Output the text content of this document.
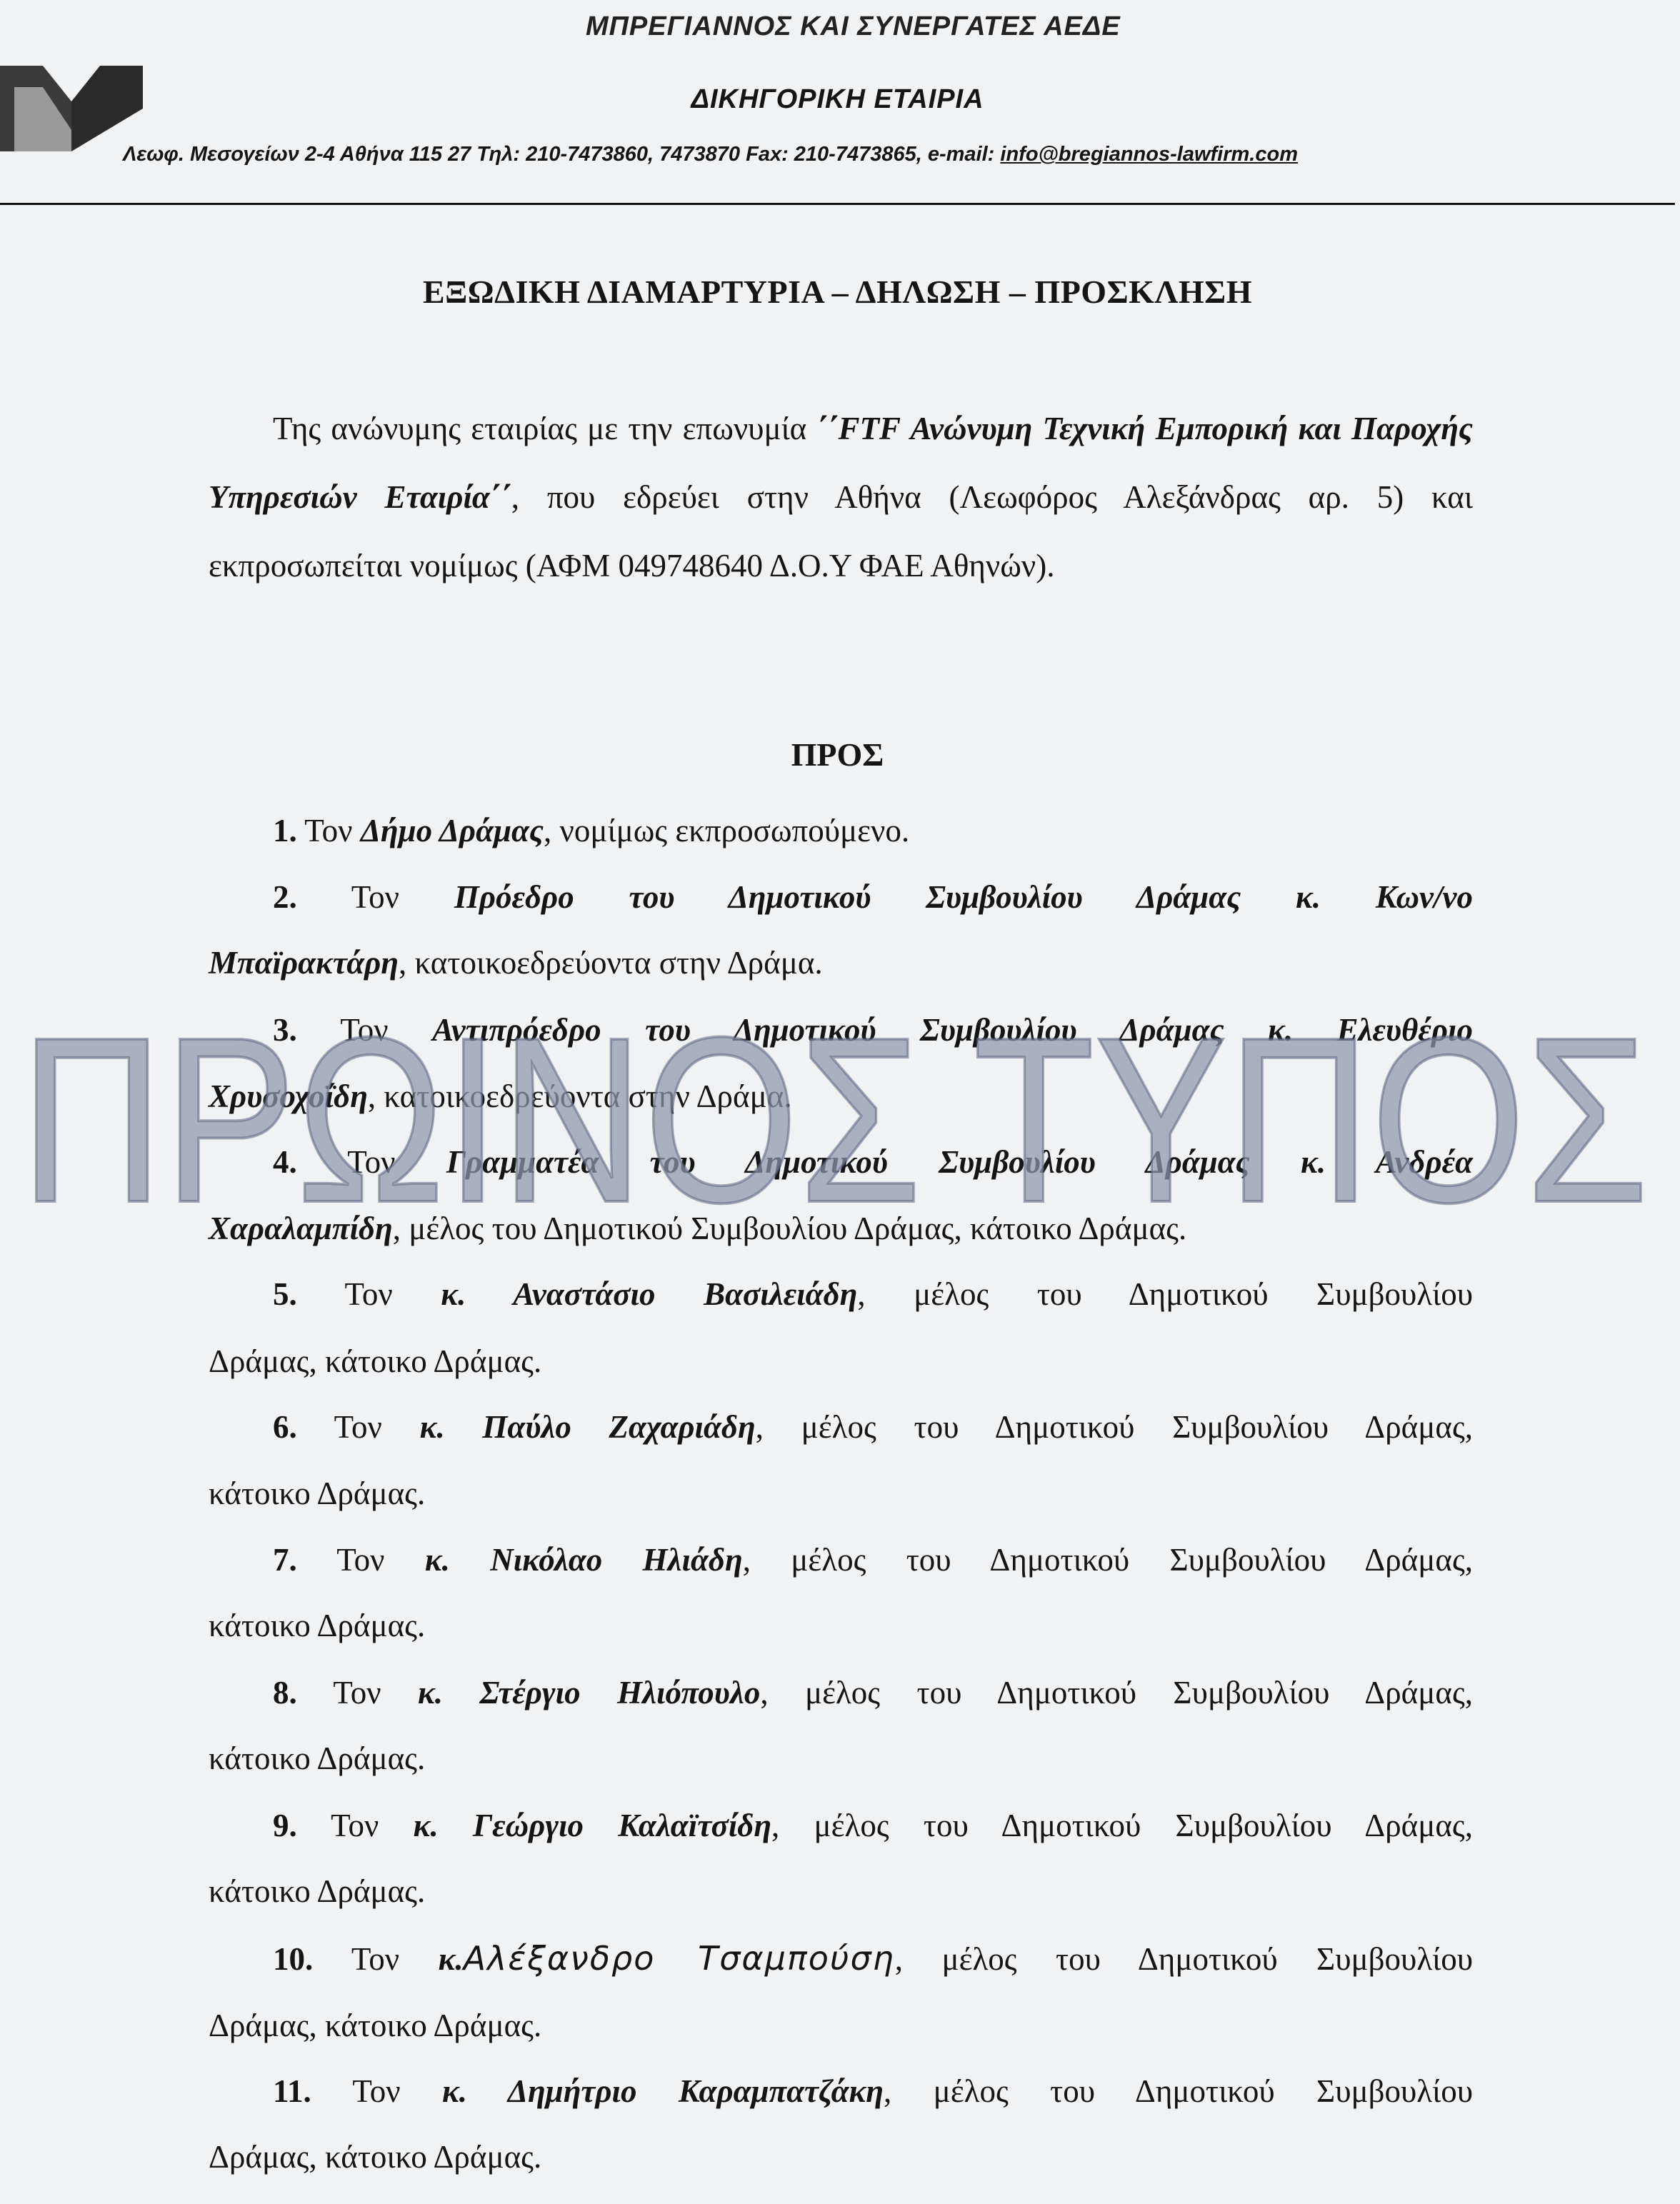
ΜΠΡΕΓΙΑΝΝΟΣ ΚΑΙ ΣΥΝΕΡΓΑΤΕΣ ΑΕΔΕ
ΔΙΚΗΓΟΡΙΚΗ ΕΤΑΙΡΙΑ
Λεωφ. Μεσογείων 2-4 Αθήνα 115 27 Τηλ: 210-7473860, 7473870 Fax: 210-7473865, e-mail: info@bregiannos-lawfirm.com
ΕΞΩΔΙΚΗ ΔΙΑΜΑΡΤΥΡΙΑ – ΔΗΛΩΣΗ – ΠΡΟΣΚΛΗΣΗ
Της ανώνυμης εταιρίας με την επωνυμία ΄΄FTF Ανώνυμη Τεχνική Εμπορική και Παροχής Υπηρεσιών Εταιρία΄΄, που εδρεύει στην Αθήνα (Λεωφόρος Αλεξάνδρας αρ. 5) και εκπροσωπείται νομίμως (ΑΦΜ 049748640 Δ.Ο.Υ ΦΑΕ Αθηνών).
ΠΡΟΣ
1. Τον Δήμο Δράμας, νομίμως εκπροσωπούμενο.
2. Τον Πρόεδρο του Δημοτικού Συμβουλίου Δράμας κ. Κων/νο
Μπαϊρακτάρη, κατοικοεδρεύοντα στην Δράμα.
3. Τον Αντιπρόεδρο του Δημοτικού Συμβουλίου Δράμας κ. Ελευθέριο
Χρυσοχοΐδη, κατοικοεδρεύοντα στην Δράμα.
4. Τον Γραμματέα του Δημοτικού Συμβουλίου Δράμας κ. Ανδρέα
Χαραλαμπίδη, μέλος του Δημοτικού Συμβουλίου Δράμας, κάτοικο Δράμας.
5. Τον κ. Αναστάσιο Βασιλειάδη, μέλος του Δημοτικού Συμβουλίου
Δράμας, κάτοικο Δράμας.
6. Τον κ. Παύλο Ζαχαριάδη, μέλος του Δημοτικού Συμβουλίου Δράμας,
κάτοικο Δράμας.
7. Τον κ. Νικόλαο Ηλιάδη, μέλος του Δημοτικού Συμβουλίου Δράμας,
κάτοικο Δράμας.
8. Τον κ. Στέργιο Ηλιόπουλο, μέλος του Δημοτικού Συμβουλίου Δράμας,
κάτοικο Δράμας.
9. Τον κ. Γεώργιο Καλαϊτσίδη, μέλος του Δημοτικού Συμβουλίου Δράμας,
κάτοικο Δράμας.
10. Τον κ.Αλέξανδρο Τσαμπούση, μέλος του Δημοτικού Συμβουλίου
Δράμας, κάτοικο Δράμας.
11. Τον κ. Δημήτριο Καραμπατζάκη, μέλος του Δημοτικού Συμβουλίου
Δράμας, κάτοικο Δράμας.
ΠΡΩΙΝΟΣ ΤΥΠΟΣ
